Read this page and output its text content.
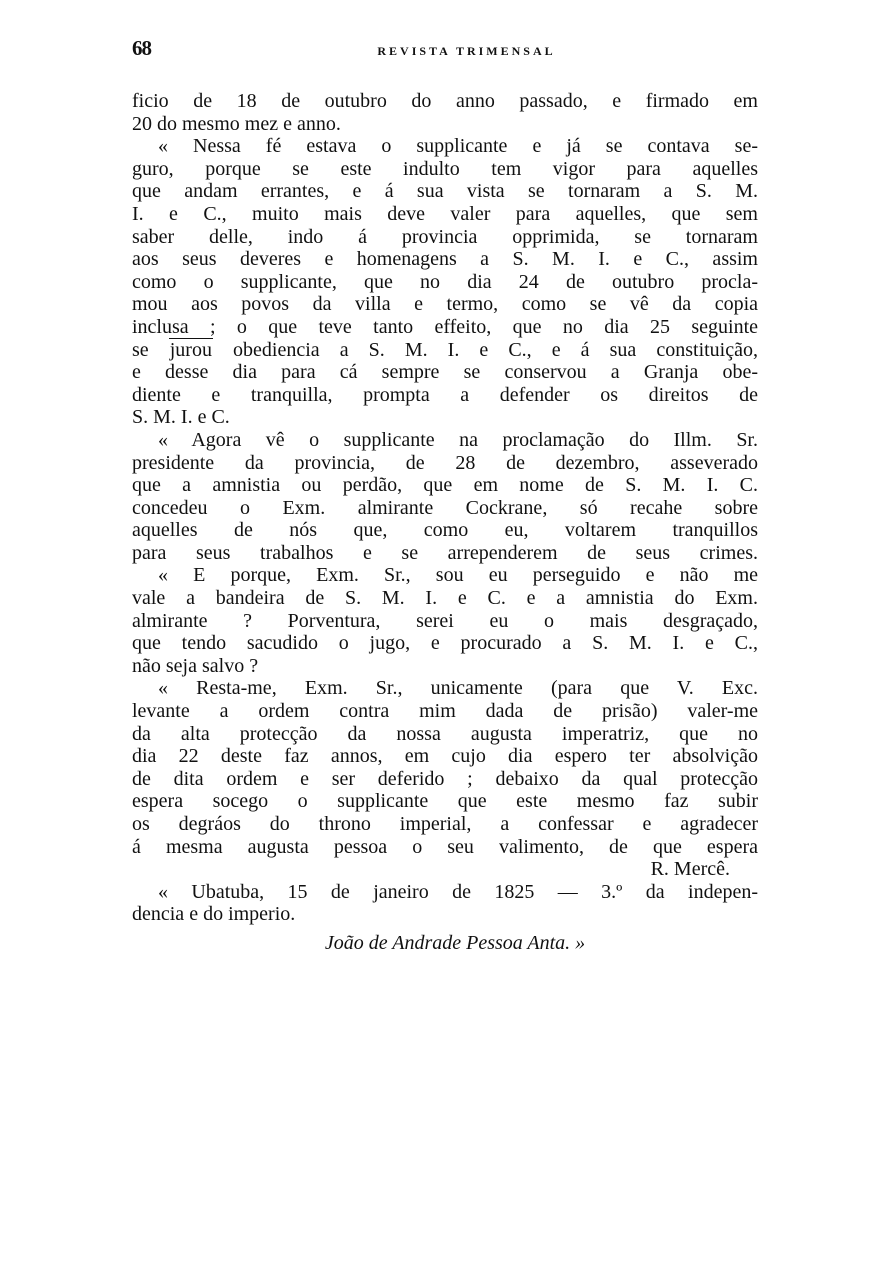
68	REVISTA TRIMENSAL
ficio de 18 de outubro do anno passado, e firmado em
20 do mesmo mez e anno.
« Nessa fé estava o supplicante e já se contava se-
guro, porque se este indulto tem vigor para aquelles
que andam errantes, e á sua vista se tornaram a S. M.
I. e C., muito mais deve valer para aquelles, que sem
saber delle, indo á provincia opprimida, se tornaram
aos seus deveres e homenagens a S. M. I. e C., assim
como o supplicante, que no dia 24 de outubro procla-
mou aos povos da villa e termo, como se vê da copia
inclusa ; o que teve tanto effeito, que no dia 25 seguinte
se jurou obediencia a S. M. I. e C., e á sua constituição,
e desse dia para cá sempre se conservou a Granja obe-
diente e tranquilla, prompta a defender os direitos de
S. M. I. e C.
« Agora vê o supplicante na proclamação do Illm. Sr.
presidente da provincia, de 28 de dezembro, asseverado
que a amnistia ou perdão, que em nome de S. M. I. C.
concedeu o Exm. almirante Cockrane, só recahe sobre
aquelles de nós que, como eu, voltarem tranquillos
para seus trabalhos e se arrependerem de seus crimes.
« E porque, Exm. Sr., sou eu perseguido e não me
vale a bandeira de S. M. I. e C. e a amnistia do Exm.
almirante ? Porventura, serei eu o mais desgraçado,
que tendo sacudido o jugo, e procurado a S. M. I. e C.,
não seja salvo ?
« Resta-me, Exm. Sr., unicamente (para que V. Exc.
levante a ordem contra mim dada de prisão) valer-me
da alta protecção da nossa augusta imperatriz, que no
dia 22 deste faz annos, em cujo dia espero ter absolvição
de dita ordem e ser deferido ; debaixo da qual protecção
espera socego o supplicante que este mesmo faz subir
os degráos do throno imperial, a confessar e agradecer
á mesma augusta pessoa o seu valimento, de que espera
R. Mercê.
« Ubatuba, 15 de janeiro de 1825 — 3.º da indepen-
dencia e do imperio.
João de Andrade Pessoa Anta. »
